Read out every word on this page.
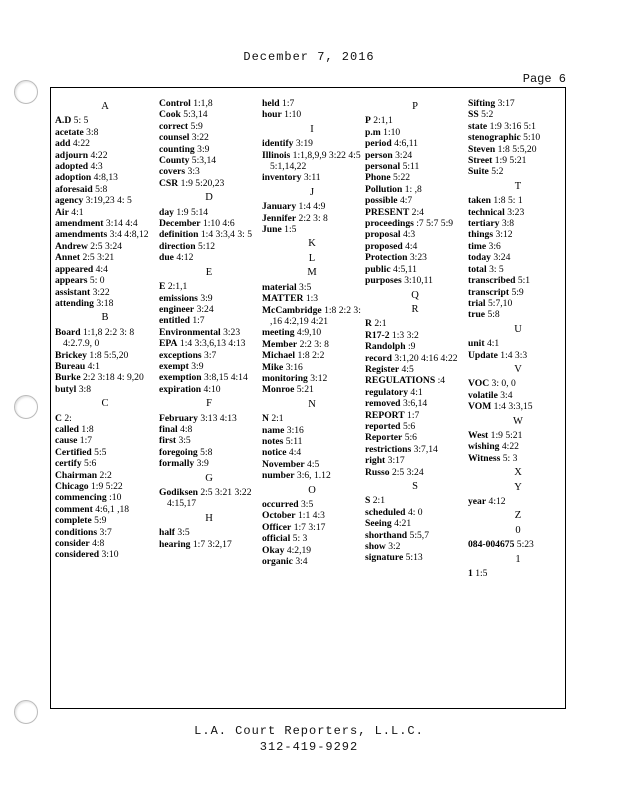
December 7, 2016
Page 6
A
A.D 5: 5
acetate 3:8
add 4:22
adjourn 4:22
adopted 4:3
adoption 4:8,13
aforesaid 5:8
agency 3:19,23 4: 5
Air 4:1
amendment 3:14 4:4
amendments 3:4 4:8,12
Andrew 2:5 3:24
Annet 2:5 3:21
appeared 4:4
appears 5: 0
assistant 3:22
attending 3:18
B
Board 1:1,8 2:2 3: 8 4:2.7.9, 0
Brickey 1:8 5:5,20
Bureau 4:1
Burke 2:2 3:18 4: 9,20
butyl 3:8
C
C 2:
called 1:8
cause 1:7
Certified 5:5
certify 5:6
Chairman 2:2
Chicago 1:9 5:22
commencing :10
comment 4:6,1 ,18
complete 5:9
conditions 3:7
consider 4:8
considered 3:10
Control 1:1,8
Cook 5:3,14
correct 5:9
counsel 3:22
counting 3:9
County 5:3,14
covers 3:3
CSR 1:9 5:20,23
D
day 1:9 5:14
December 1:10 4:6
definition 1:4 3:3,4 3: 5
direction 5:12
due 4:12
E
E 2:1,1
emissions 3:9
engineer 3:24
entitled 1:7
Environmental 3:23
EPA 1:4 3:3,6,13 4:13
exceptions 3:7
exempt 3:9
exemption 3:8,15 4:14
expiration 4:10
F
February 3:13 4:13
final 4:8
first 3:5
foregoing 5:8
formally 3:9
G
Godiksen 2:5 3:21 3:22 4:15,17
H
half 3:5
hearing 1:7 3:2,17
held 1:7
hour 1:10
I
identify 3:19
Illinois 1:1,8,9,9 3:22 4:5 5:1,14,22
inventory 3:11
J
January 1:4 4:9
Jennifer 2:2 3: 8
June 1:5
K
L
M
material 3:5
MATTER 1:3
McCambridge 1:8 2:2 3: ,16 4:2,19 4:21
meeting 4:9,10
Member 2:2 3: 8
Michael 1:8 2:2
Mike 3:16
monitoring 3:12
Monroe 5:21
N
N 2:1
name 3:16
notes 5:11
notice 4:4
November 4:5
number 3:6, 1.12
O
occurred 3:5
October 1:1 4:3
Officer 1:7 3:17
official 5: 3
Okay 4:2,19
organic 3:4
P
P 2:1,1
p.m 1:10
period 4:6,11
person 3:24
personal 5:11
Phone 5:22
Pollution 1: ,8
possible 4:7
PRESENT 2:4
proceedings :7 5:7 5:9
proposal 4:3
proposed 4:4
Protection 3:23
public 4:5,11
purposes 3:10,11
Q
R
R 2:1
R17-2 1:3 3:2
Randolph :9
record 3:1,20 4:16 4:22
Register 4:5
REGULATIONS :4
regulatory 4:1
removed 3:6,14
REPORT 1:7
reported 5:6
Reporter 5:6
restrictions 3:7,14
right 3:17
Russo 2:5 3:24
S
S 2:1
scheduled 4: 0
Seeing 4:21
shorthand 5:5,7
show 3:2
signature 5:13
Sifting 3:17
SS 5:2
state 1:9 3:16 5:1
stenographic 5:10
Steven 1:8 5:5,20
Street 1:9 5:21
Suite 5:2
T
taken 1:8 5: 1
technical 3:23
tertiary 3:8
things 3:12
time 3:6
today 3:24
total 3: 5
transcribed 5:1
transcript 5:9
trial 5:7,10
true 5:8
U
unit 4:1
Update 1:4 3:3
V
VOC 3: 0, 0
volatile 3:4
VOM 1:4 3:3,15
W
West 1:9 5:21
wishing 4:22
Witness 5: 3
X
Y
year 4:12
Z
0
084-004675 5:23
1
1 1:5
L.A. Court Reporters, L.L.C.
312-419-9292
